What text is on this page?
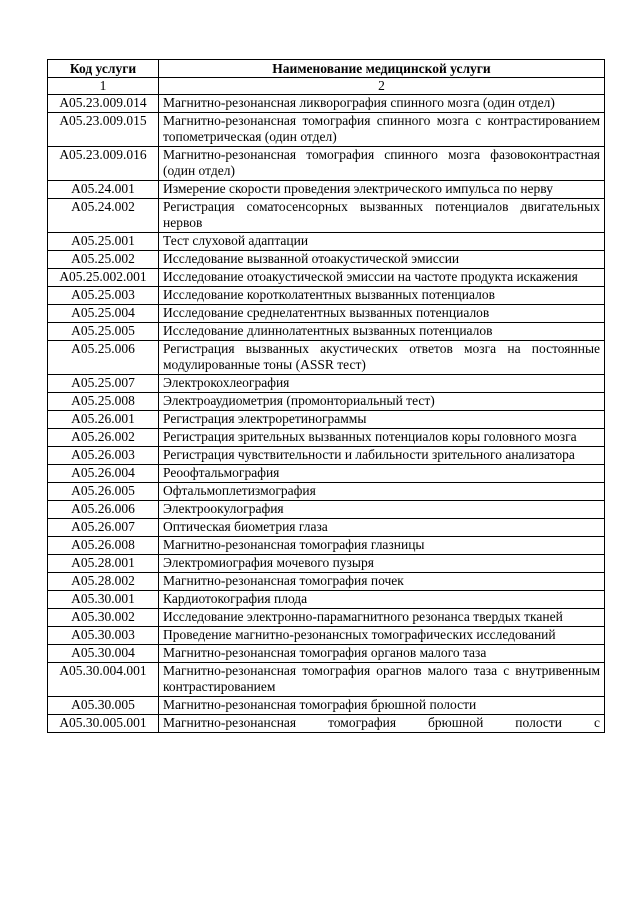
Код услуги	Наименование медицинской услуги
1	2
A05.23.009.014	Магнитно-резонансная ликворография спинного мозга (один отдел)
A05.23.009.015	Магнитно-резонансная томография спинного мозга с контрастированием топометрическая (один отдел)
A05.23.009.016	Магнитно-резонансная томография спинного мозга фазовоконтрастная (один отдел)
A05.24.001	Измерение скорости проведения электрического импульса по нерву
A05.24.002	Регистрация соматосенсорных вызванных потенциалов двигательных нервов
A05.25.001	Тест слуховой адаптации
A05.25.002	Исследование вызванной отоакустической эмиссии
A05.25.002.001	Исследование отоакустической эмиссии на частоте продукта искажения
A05.25.003	Исследование коротколатентных вызванных потенциалов
A05.25.004	Исследование среднелатентных вызванных потенциалов
A05.25.005	Исследование длиннолатентных вызванных потенциалов
A05.25.006	Регистрация вызванных акустических ответов мозга на постоянные модулированные тоны (ASSR тест)
A05.25.007	Электрокохлеография
A05.25.008	Электроаудиометрия (промонториальный тест)
A05.26.001	Регистрация электроретинограммы
A05.26.002	Регистрация зрительных вызванных потенциалов коры головного мозга
A05.26.003	Регистрация чувствительности и лабильности зрительного анализатора
A05.26.004	Реоофтальмография
A05.26.005	Офтальмоплетизмография
A05.26.006	Электроокулография
A05.26.007	Оптическая биометрия глаза
A05.26.008	Магнитно-резонансная томография глазницы
A05.28.001	Электромиография мочевого пузыря
A05.28.002	Магнитно-резонансная томография почек
A05.30.001	Кардиотокография плода
A05.30.002	Исследование электронно-парамагнитного резонанса твердых тканей
A05.30.003	Проведение магнитно-резонансных томографических исследований
A05.30.004	Магнитно-резонансная томография органов малого таза
A05.30.004.001	Магнитно-резонансная томография орагнов малого таза с внутривенным контрастированием
A05.30.005	Магнитно-резонансная томография брюшной полости
A05.30.005.001	Магнитно-резонансная томография брюшной полости с
